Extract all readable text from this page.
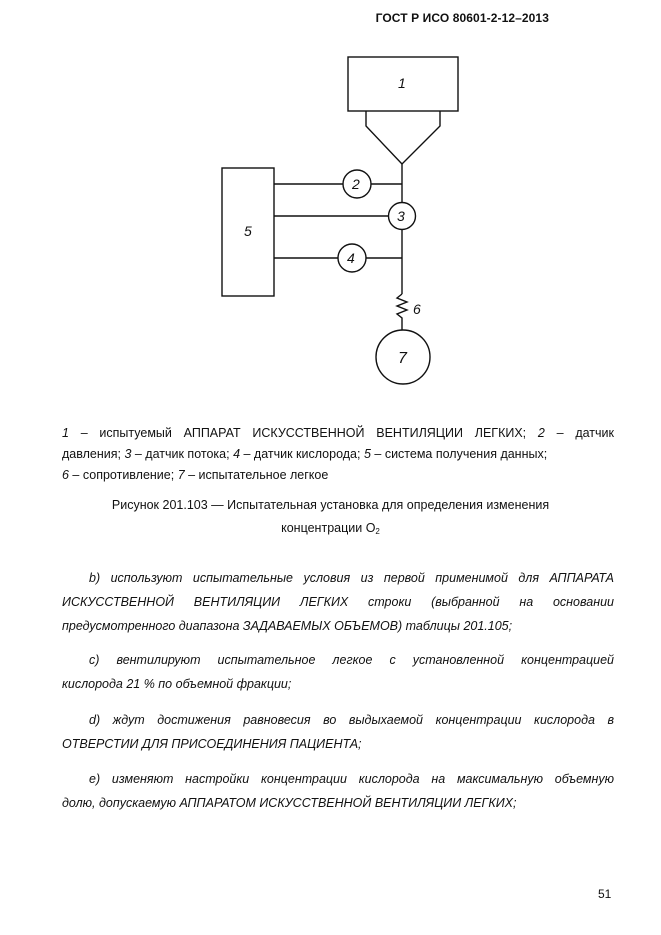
ГОСТ Р ИСО 80601-2-12–2013
1
2
3
4
5
6
7
1 – испытуемый АППАРАТ ИСКУССТВЕННОЙ ВЕНТИЛЯЦИИ ЛЕГКИХ; 2 – датчик
давления; 3 – датчик потока; 4 – датчик кислорода; 5 – система получения данных;
6 – сопротивление; 7 – испытательное легкое
Рисунок 201.103 — Испытательная установка для определения изменения
концентрации $O_2$
b) используют испытательные условия из первой применимой для АППАРАТА
ИСКУССТВЕННОЙ ВЕНТИЛЯЦИИ ЛЕГКИХ строки (выбранной на основании
предусмотренного диапазона ЗАДАВАЕМЫХ ОБЪЕМОВ) таблицы 201.105;
c) вентилируют испытательное легкое с установленной концентрацией
кислорода 21 % по объемной фракции;
d) ждут достижения равновесия во выдыхаемой концентрации кислорода в
ОТВЕРСТИИ ДЛЯ ПРИСОЕДИНЕНИЯ ПАЦИЕНТА;
e) изменяют настройки концентрации кислорода на максимальную объемную
долю, допускаемую АППАРАТОМ ИСКУССТВЕННОЙ ВЕНТИЛЯЦИИ ЛЕГКИХ;
51
